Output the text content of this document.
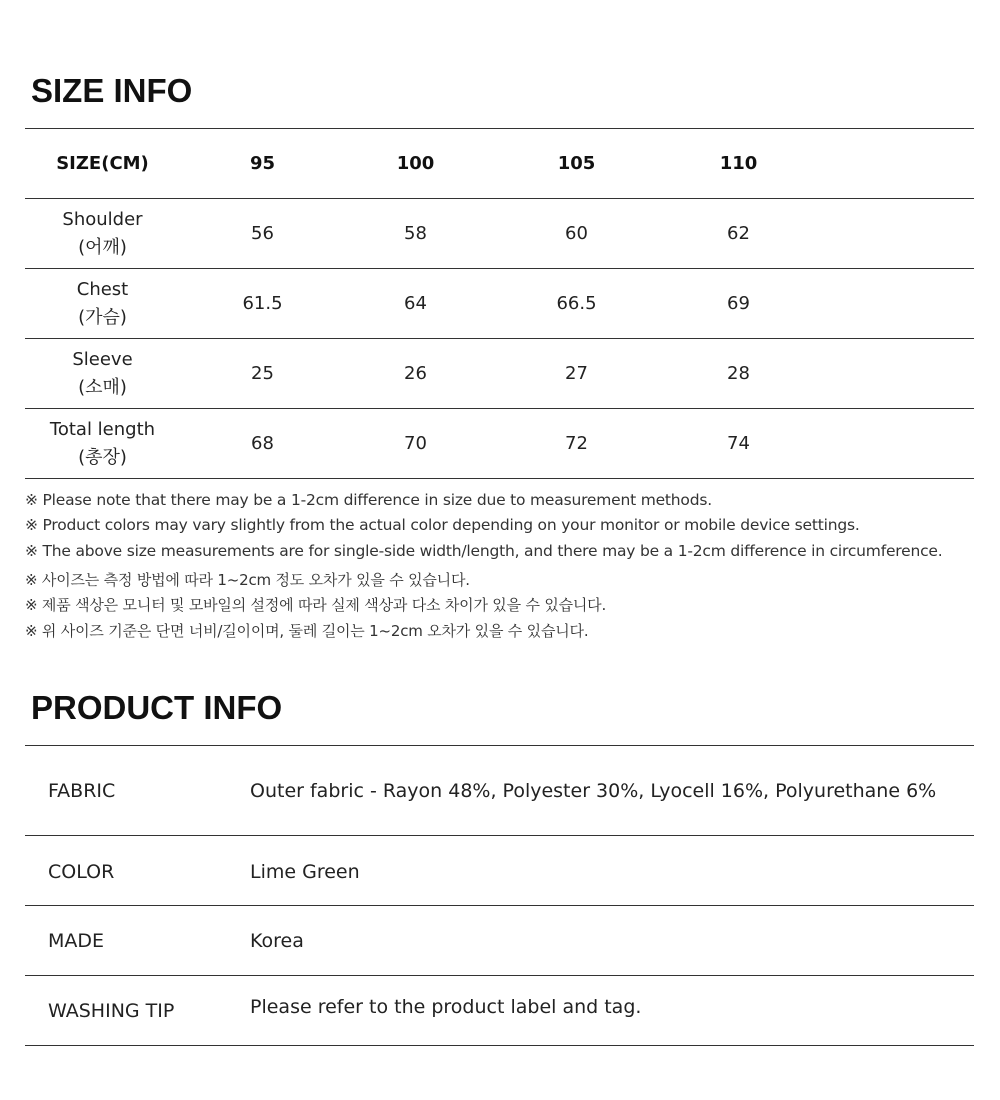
SIZE INFO
SIZE(CM)	95	100	105	110
Shoulder
(어깨)
56	58	60	62
Chest
(가슴)
61.5	64	66.5	69
Sleeve
(소매)
25	26	27	28
Total length
(총장)
68	70	72	74
※ Please note that there may be a 1-2cm difference in size due to measurement methods.
※ Product colors may vary slightly from the actual color depending on your monitor or mobile device settings.
※ The above size measurements are for single-side width/length, and there may be a 1-2cm difference in circumference.
※ 사이즈는 측정 방법에 따라 1~2cm 정도 오차가 있을 수 있습니다.
※ 제품 색상은 모니터 및 모바일의 설정에 따라 실제 색상과 다소 차이가 있을 수 있습니다.
※ 위 사이즈 기준은 단면 너비/길이이며, 둘레 길이는 1~2cm 오차가 있을 수 있습니다.
PRODUCT INFO
FABRIC	Outer fabric - Rayon 48%, Polyester 30%, Lyocell 16%, Polyurethane 6%
COLOR	Lime Green
MADE	Korea
WASHING TIP	Please refer to the product label and tag.
